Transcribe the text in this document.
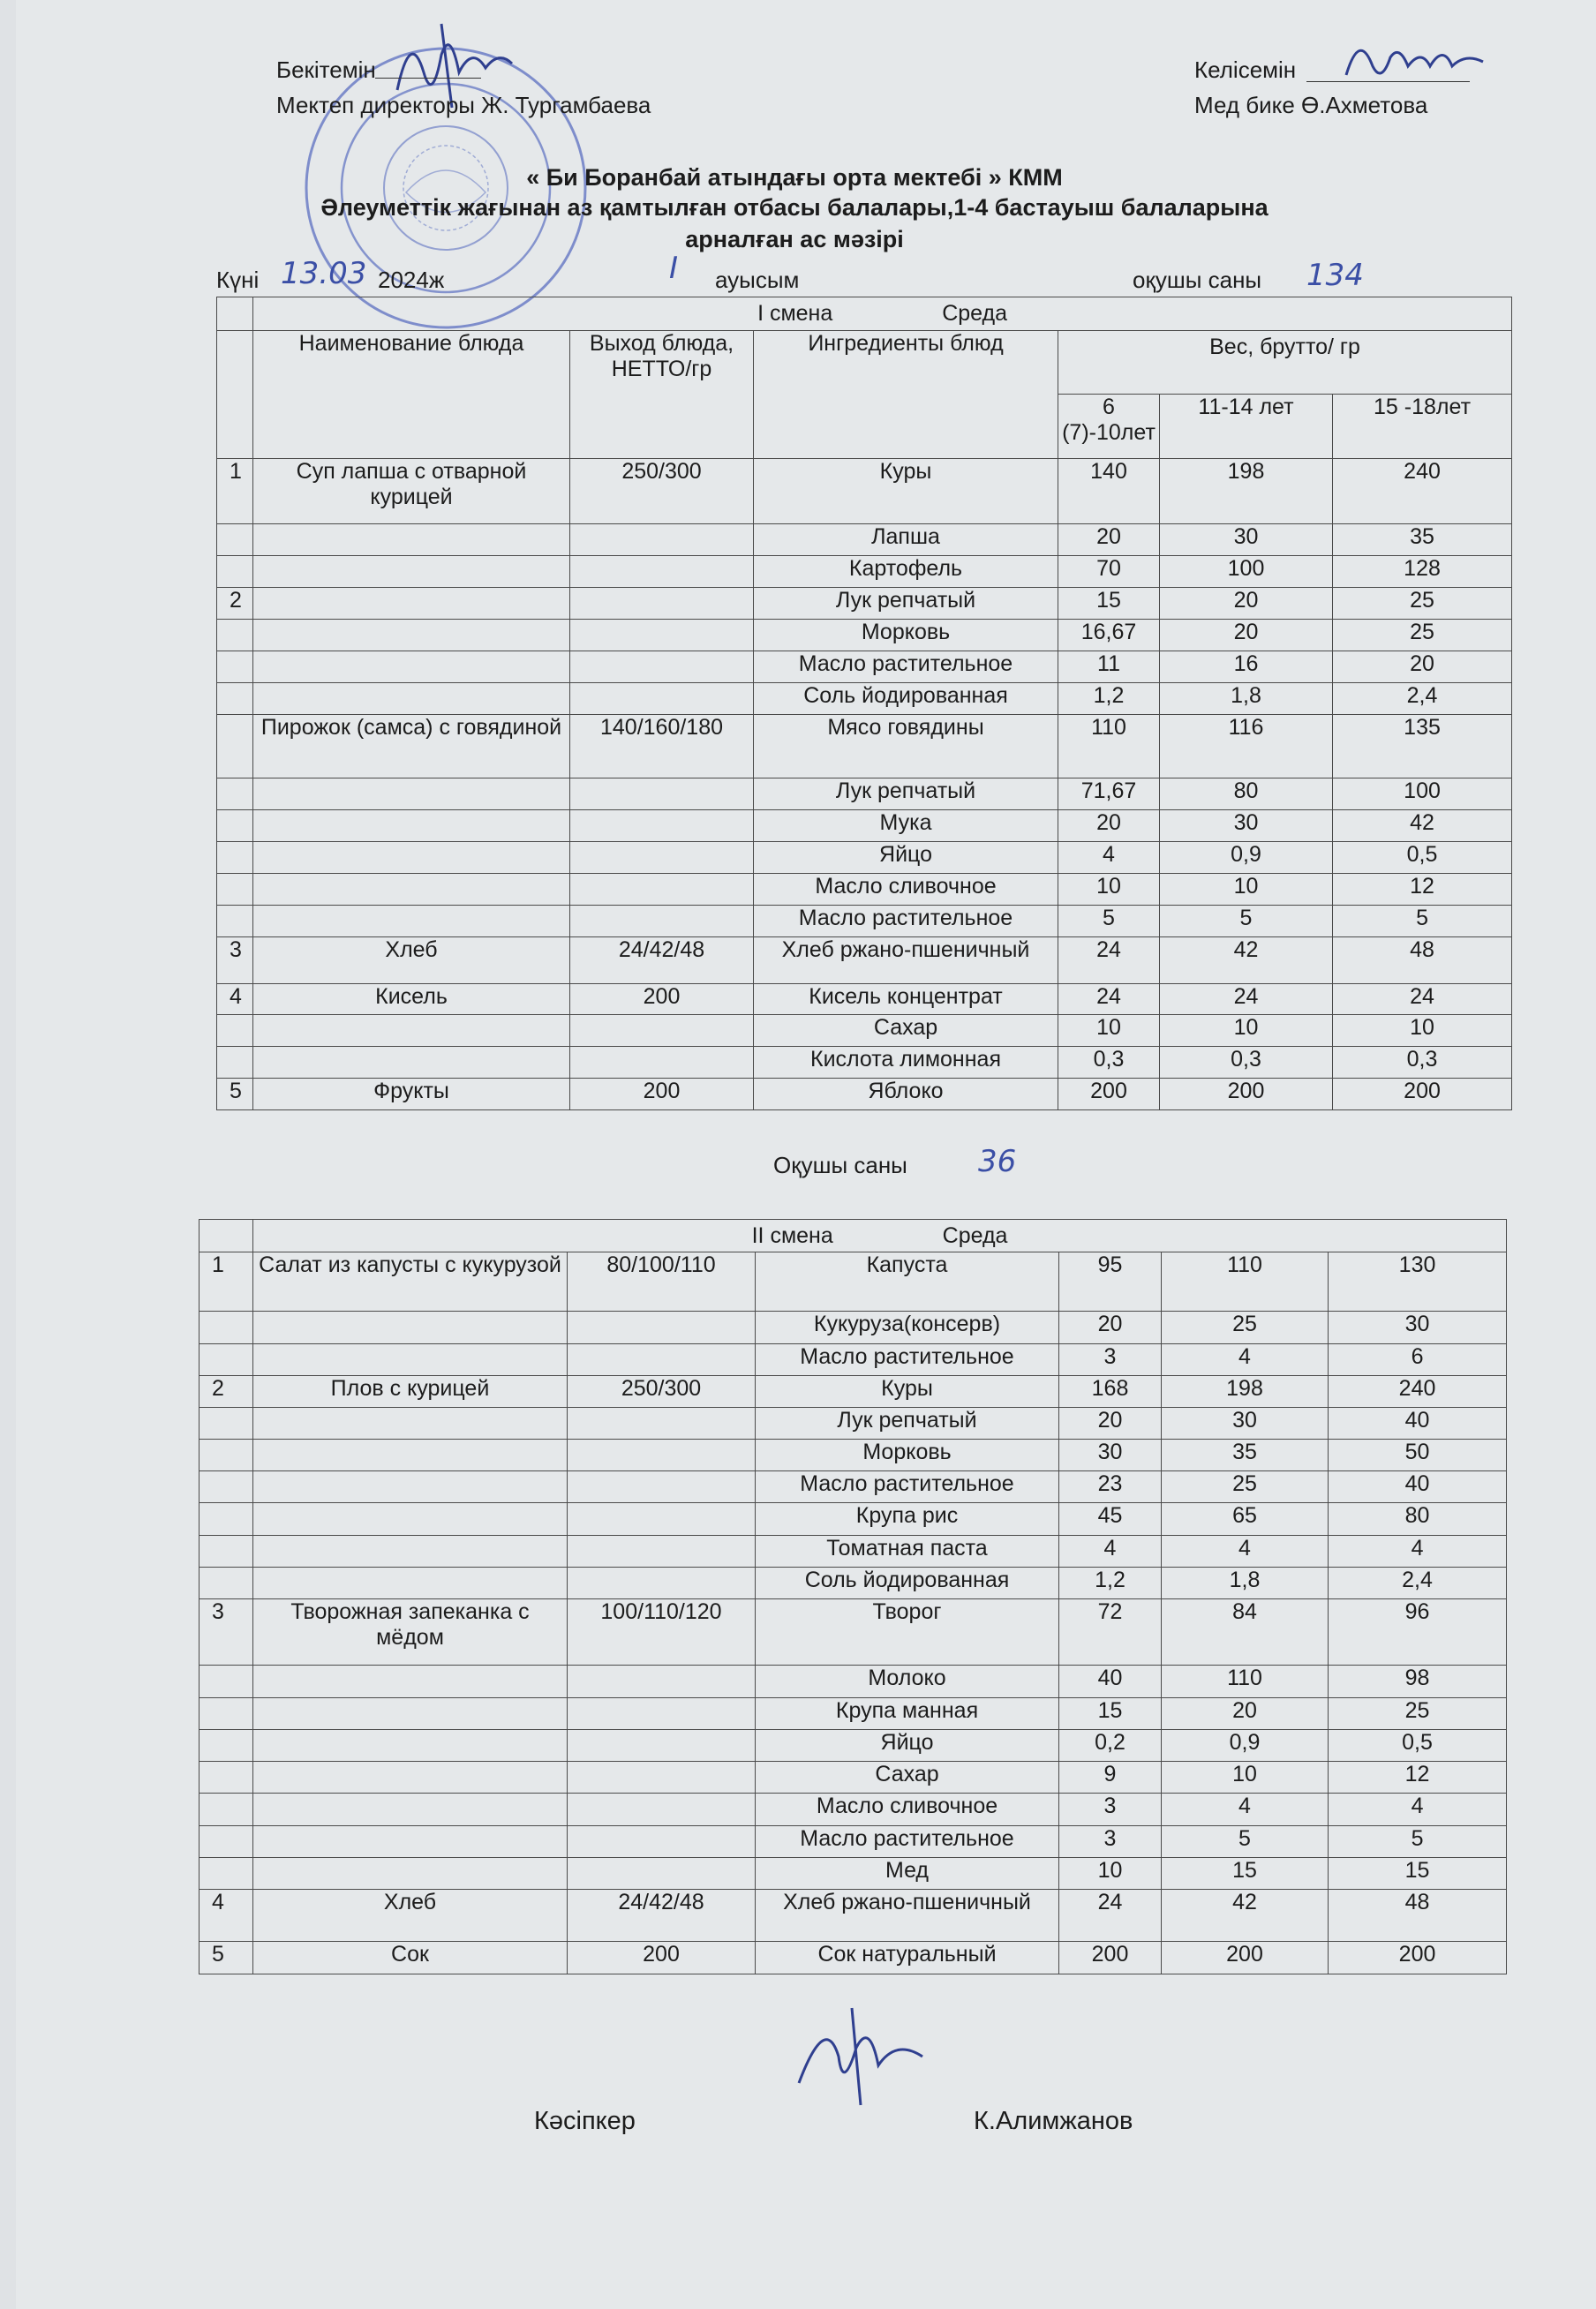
Бекітемін
Мектеп директоры Ж. Тургамбаева
Келісемін
Мед бике Ө.Ахметова
« Би Боранбай атындағы орта мектебі » КММ
Әлеуметтік жағынан аз қамтылған отбасы балалары,1-4 бастауыш балаларына
арналған ас мәзірі
Күні 13.03 2024ж	I ауысым	оқушы саны 134
	I смена Среда					
	Наименование блюда	Выход блюда, НЕТТО/гр	Ингредиенты блюд	Вес, брутто/ гр		
				6 (7)-10лет	11-14 лет	15 -18лет
1	Суп лапша с отварной курицей	250/300	Куры	140	198	240
			Лапша	20	30	35
			Картофель	70	100	128
2			Лук репчатый	15	20	25
			Морковь	16,67	20	25
			Масло растительное	11	16	20
			Соль йодированная	1,2	1,8	2,4
	Пирожок (самса) с говядиной	140/160/180	Мясо говядины	110	116	135
			Лук репчатый	71,67	80	100
			Мука	20	30	42
			Яйцо	4	0,9	0,5
			Масло сливочное	10	10	12
			Масло растительное	5	5	5
3	Хлеб	24/42/48	Хлеб ржано-пшеничный	24	42	48
4	Кисель	200	Кисель концентрат	24	24	24
			Сахар	10	10	10
			Кислота лимонная	0,3	0,3	0,3
5	Фрукты	200	Яблоко	200	200	200
Оқушы саны 36
	II смена Среда					
1	Салат из капусты с кукурузой	80/100/110	Капуста	95	110	130
			Кукуруза(консерв)	20	25	30
			Масло растительное	3	4	6
2	Плов с курицей	250/300	Куры	168	198	240
			Лук репчатый	20	30	40
			Морковь	30	35	50
			Масло растительное	23	25	40
			Крупа рис	45	65	80
			Томатная паста	4	4	4
			Соль йодированная	1,2	1,8	2,4
3	Творожная запеканка с мёдом	100/110/120	Творог	72	84	96
			Молоко	40	110	98
			Крупа манная	15	20	25
			Яйцо	0,2	0,9	0,5
			Сахар	9	10	12
			Масло сливочное	3	4	4
			Масло растительное	3	5	5
			Мед	10	15	15
4	Хлеб	24/42/48	Хлеб ржано-пшеничный	24	42	48
5	Сок	200	Сок натуральный	200	200	200
Кәсіпкер	К.Алимжанов
